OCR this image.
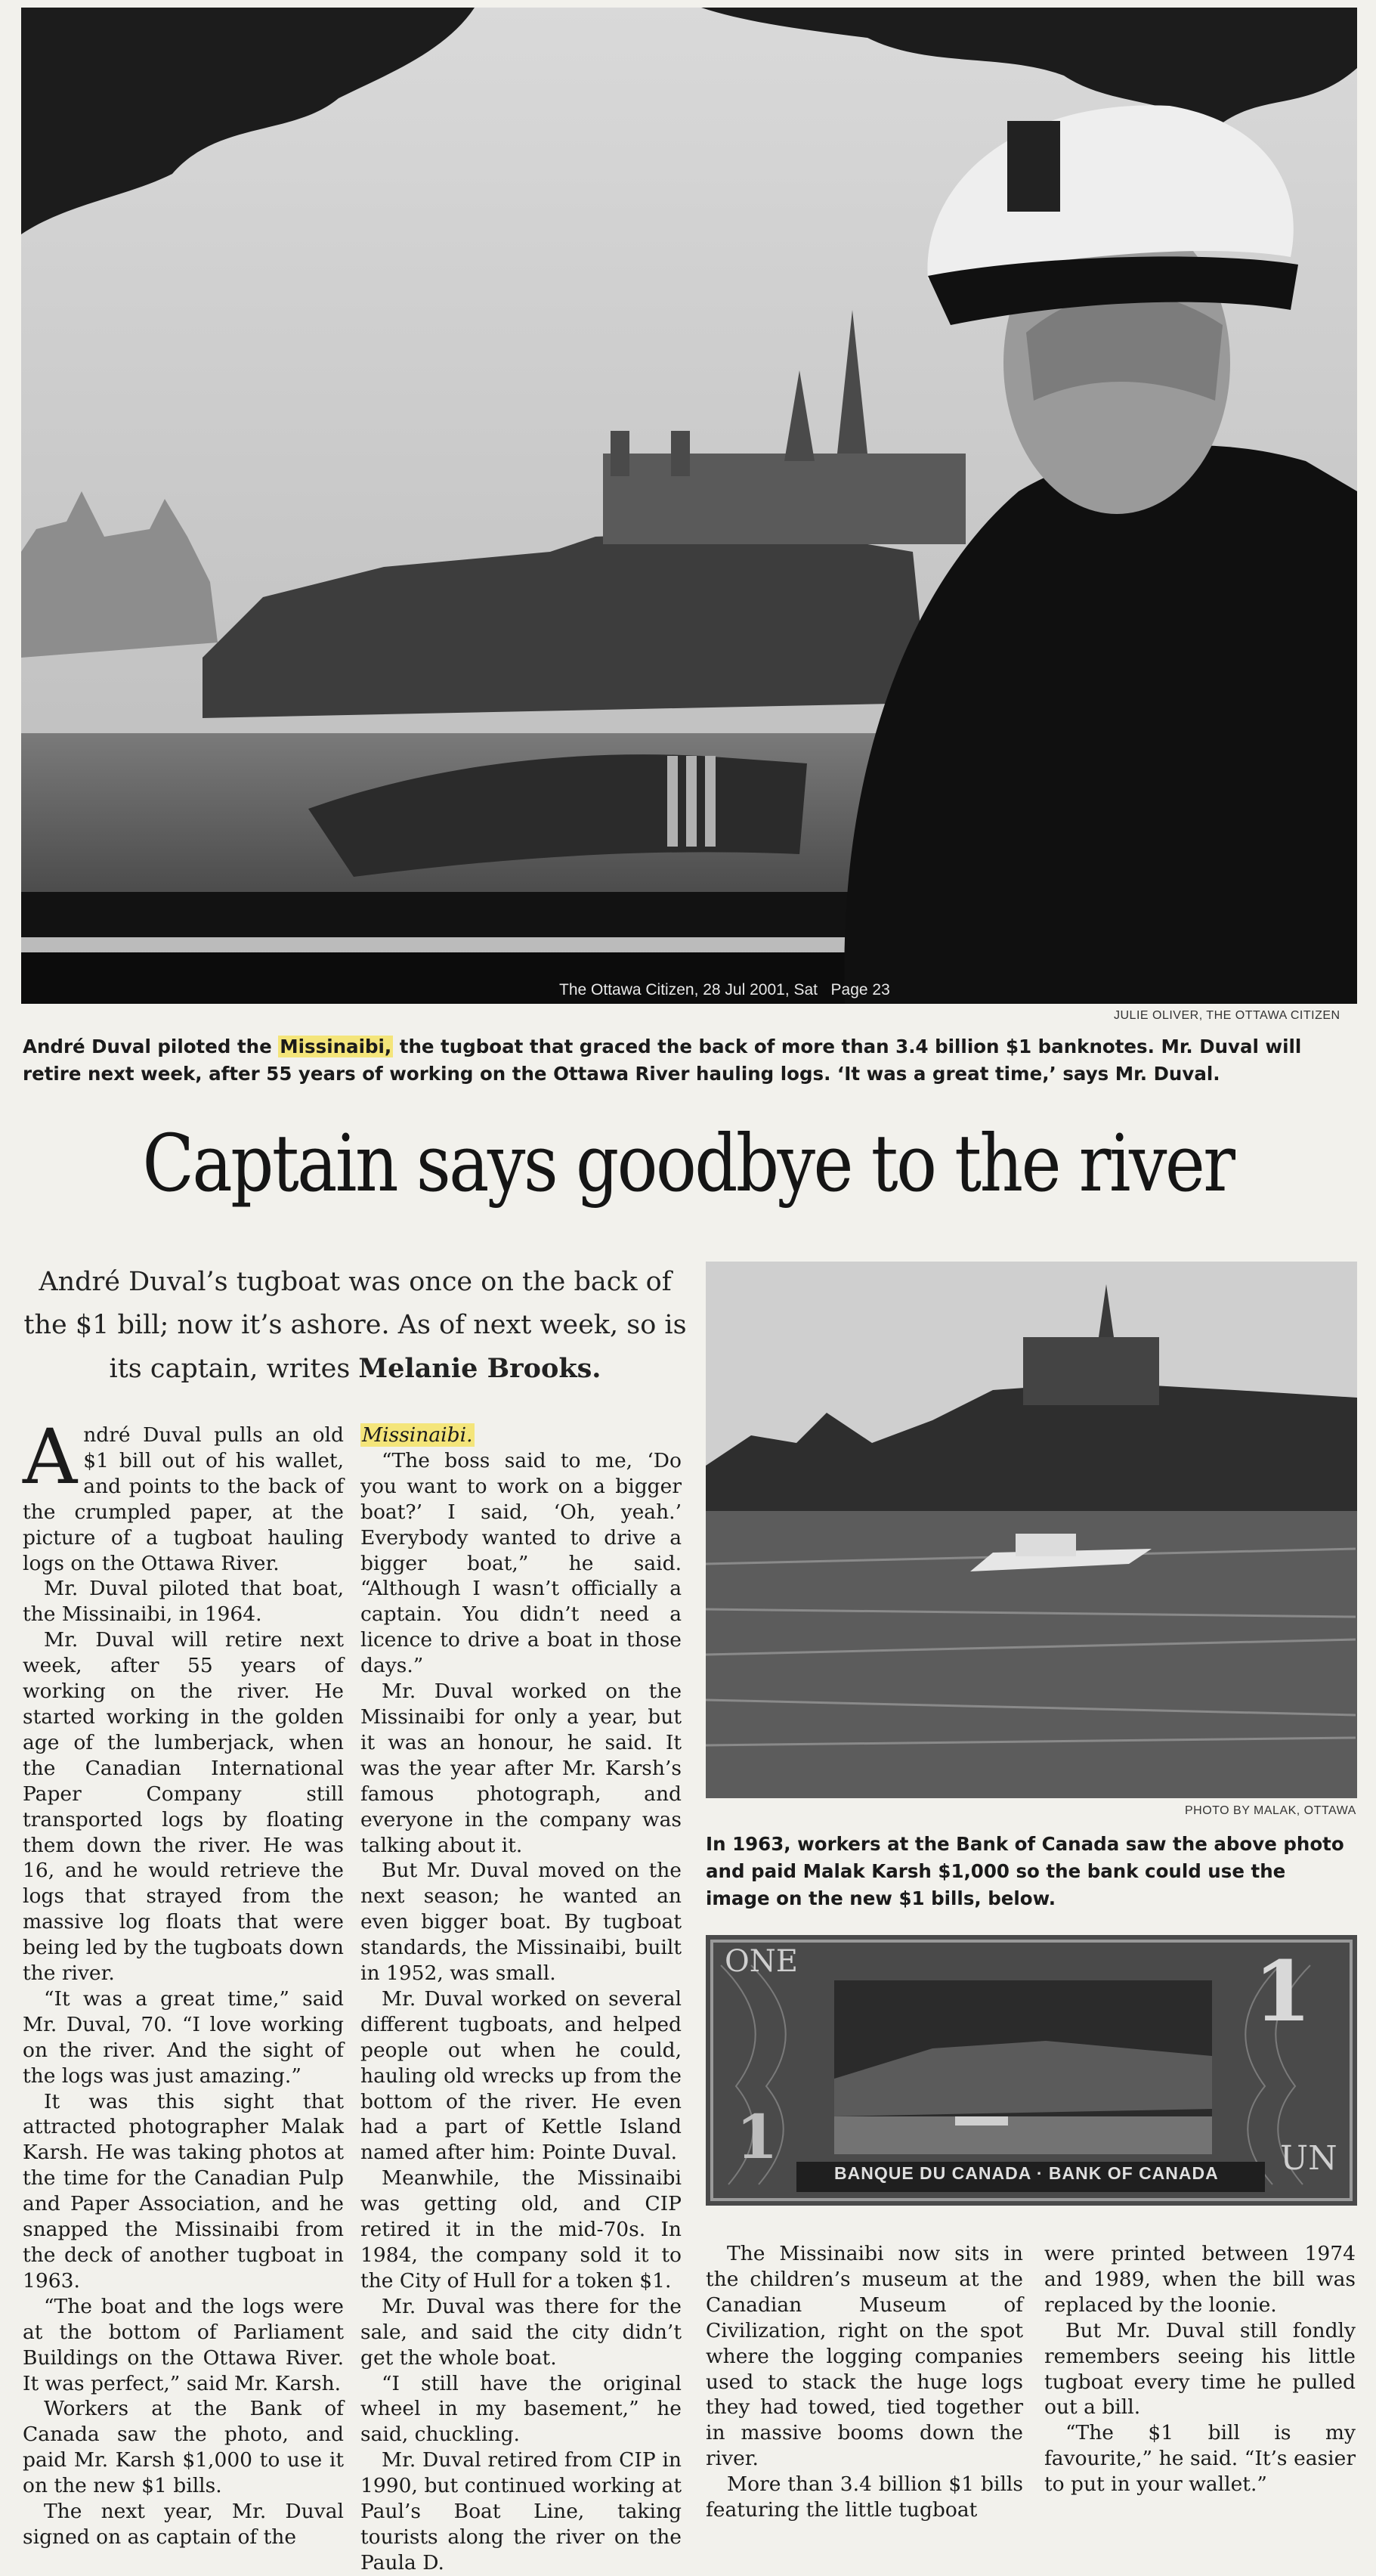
The Ottawa Citizen, 28 Jul 2001, Sat   Page 23
JULIE OLIVER, THE OTTAWA CITIZEN
André Duval piloted the Missinaibi, the tugboat that graced the back of more than 3.4 billion $1 banknotes. Mr. Duval will retire next week, after 55 years of working on the Ottawa River hauling logs. ‘It was a great time,’ says Mr. Duval.
Captain says goodbye to the river
André Duval’s tugboat was once on the back of the $1 bill; now it’s ashore. As of next week, so is its captain, writes Melanie Brooks.
PHOTO BY MALAK, OTTAWA
In 1963, workers at the Bank of Canada saw the above photo and paid Malak Karsh $1,000 so the bank could use the image on the new $1 bills, below.
ONE	1
1	UN
BANQUE DU CANADA · BANK OF CANADA

André Duval pulls an old $1 bill out of his wallet, and points to the back of the crumpled paper, at the picture of a tugboat hauling logs on the Ottawa River.

Mr. Duval piloted that boat, the Missinaibi, in 1964.

Mr. Duval will retire next week, after 55 years of working on the river. He started working in the golden age of the lumberjack, when the Canadian International Paper Company still transported logs by floating them down the river. He was 16, and he would retrieve the logs that strayed from the massive log floats that were being led by the tugboats down the river.

“It was a great time,” said Mr. Duval, 70. “I love working on the river. And the sight of the logs was just amazing.”

It was this sight that attracted photographer Malak Karsh. He was taking photos at the time for the Canadian Pulp and Paper Association, and he snapped the Missinaibi from the deck of another tugboat in 1963.

“The boat and the logs were at the bottom of Parliament Buildings on the Ottawa River. It was perfect,” said Mr. Karsh.

Workers at the Bank of Canada saw the photo, and paid Mr. Karsh $1,000 to use it on the new $1 bills.

The next year, Mr. Duval signed on as captain of the

Missinaibi.

“The boss said to me, ‘Do you want to work on a bigger boat?’ I said, ‘Oh, yeah.’ Everybody wanted to drive a bigger boat,” he said. “Although I wasn’t officially a captain. You didn’t need a licence to drive a boat in those days.”

Mr. Duval worked on the Missinaibi for only a year, but it was an honour, he said. It was the year after Mr. Karsh’s famous photograph, and everyone in the company was talking about it.

But Mr. Duval moved on the next season; he wanted an even bigger boat. By tugboat standards, the Missinaibi, built in 1952, was small.

Mr. Duval worked on several different tugboats, and helped people out when he could, hauling old wrecks up from the bottom of the river. He even had a part of Kettle Island named after him: Pointe Duval.

Meanwhile, the Missinaibi was getting old, and CIP retired it in the mid-70s. In 1984, the company sold it to the City of Hull for a token $1.

Mr. Duval was there for the sale, and said the city didn’t get the whole boat.

“I still have the original wheel in my basement,” he said, chuckling.

Mr. Duval retired from CIP in 1990, but continued working at Paul’s Boat Line, taking tourists along the river on the Paula D.

The Missinaibi now sits in the children’s museum at the Canadian Museum of Civilization, right on the spot where the logging companies used to stack the huge logs they had towed, tied together in massive booms down the river.

More than 3.4 billion $1 bills featuring the little tugboat

were printed between 1974 and 1989, when the bill was replaced by the loonie.

But Mr. Duval still fondly remembers seeing his little tugboat every time he pulled out a bill.

“The $1 bill is my favourite,” he said. “It’s easier to put in your wallet.”
